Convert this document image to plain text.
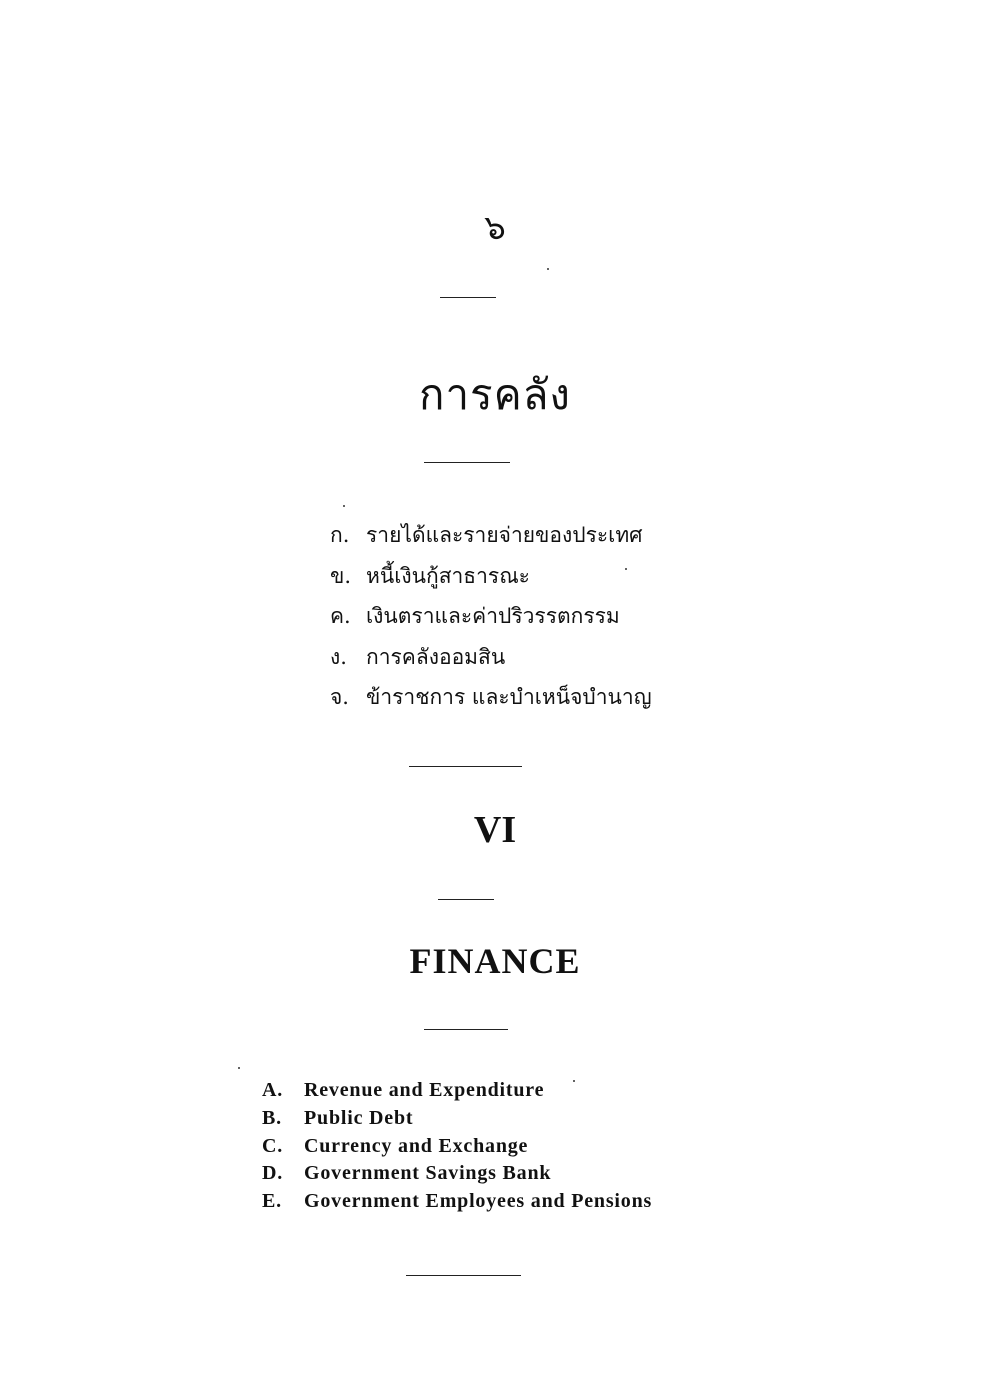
๖
การคลัง
ก. รายได้และรายจ่ายของประเทศ
ข. หนี้เงินกู้สาธารณะ
ค. เงินตราและค่าปริวรรตกรรม
ง. การคลังออมสิน
จ. ข้าราชการ และบำเหน็จบำนาญ
VI
FINANCE
A.	Revenue and Expenditure
B.	Public Debt
C.	Currency and Exchange
D.	Government Savings Bank
E.	Government Employees and Pensions
